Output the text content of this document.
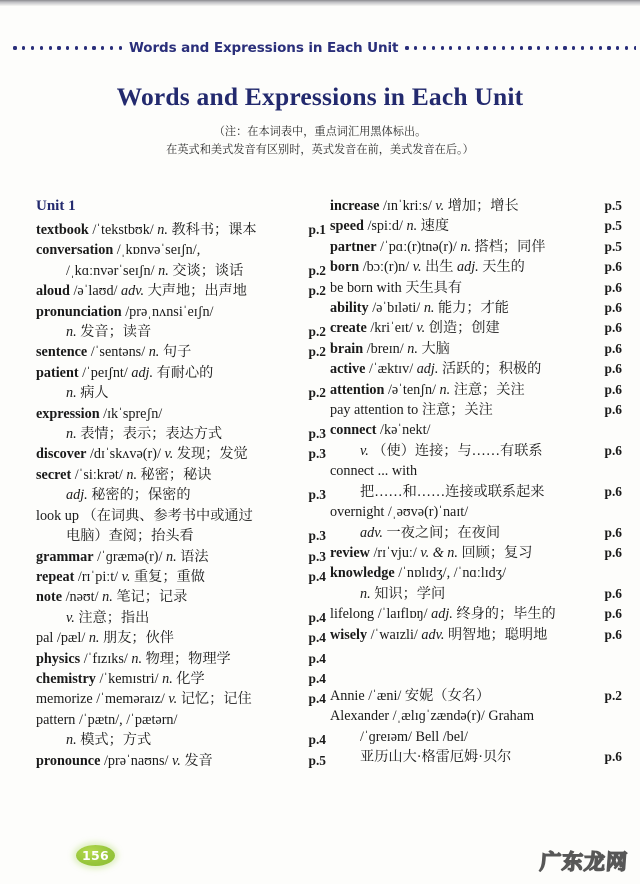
Words and Expressions in Each Unit
Words and Expressions in Each Unit
（注：在本词表中，重点词汇用黑体标出。
在英式和美式发音有区别时，英式发音在前，美式发音在后。）
Unit 1
textbook /ˈtekstbʊk/ n. 教科书；课本	p.1
conversation /ˌkɒnvəˈseɪʃn/,
/ˌkɑːnvərˈseɪʃn/ n. 交谈；谈话	p.2
aloud /əˈlaʊd/ adv. 大声地；出声地	p.2
pronunciation /prəˌnʌnsiˈeɪʃn/
n. 发音；读音	p.2
sentence /ˈsentəns/ n. 句子	p.2
patient /ˈpeɪʃnt/ adj. 有耐心的
n. 病人	p.2
expression /ɪkˈspreʃn/
n. 表情；表示；表达方式	p.3
discover /dɪˈskʌvə(r)/ v. 发现；发觉	p.3
secret /ˈsiːkrət/ n. 秘密；秘诀
adj. 秘密的；保密的	p.3
look up （在词典、参考书中或通过
电脑）查阅；抬头看	p.3
grammar /ˈɡræmə(r)/ n. 语法	p.3
repeat /rɪˈpiːt/ v. 重复；重做	p.4
note /nəʊt/ n. 笔记；记录
v. 注意；指出	p.4
pal /pæl/ n. 朋友；伙伴	p.4
physics /ˈfɪzɪks/ n. 物理；物理学	p.4
chemistry /ˈkemɪstri/ n. 化学	p.4
memorize /ˈmeməraɪz/ v. 记忆；记住	p.4
pattern /ˈpætn/, /ˈpætərn/
n. 模式；方式	p.4
pronounce /prəˈnaʊns/ v. 发音	p.5
increase /ɪnˈkriːs/ v. 增加；增长	p.5
speed /spiːd/ n. 速度	p.5
partner /ˈpɑː(r)tnə(r)/ n. 搭档；同伴	p.5
born /bɔː(r)n/ v. 出生 adj. 天生的	p.6
be born with 天生具有	p.6
ability /əˈbɪləti/ n. 能力；才能	p.6
create /kriˈeɪt/ v. 创造；创建	p.6
brain /breɪn/ n. 大脑	p.6
active /ˈæktɪv/ adj. 活跃的；积极的	p.6
attention /əˈtenʃn/ n. 注意；关注	p.6
pay attention to 注意；关注	p.6
connect /kəˈnekt/
v. （使）连接；与……有联系	p.6
connect ... with
把……和……连接或联系起来	p.6
overnight /ˌəʊvə(r)ˈnaɪt/
adv. 一夜之间；在夜间	p.6
review /rɪˈvjuː/ v. & n. 回顾；复习	p.6
knowledge /ˈnɒlɪdʒ/, /ˈnɑːlɪdʒ/
n. 知识；学问	p.6
lifelong /ˈlaɪflɒŋ/ adj. 终身的；毕生的	p.6
wisely /ˈwaɪzli/ adv. 明智地；聪明地	p.6
Annie /ˈæni/ 安妮（女名）	p.2
Alexander /ˌælɪɡˈzændə(r)/ Graham
/ˈɡreɪəm/ Bell /bel/
亚历山大·格雷厄姆·贝尔	p.6
156	广东龙网
